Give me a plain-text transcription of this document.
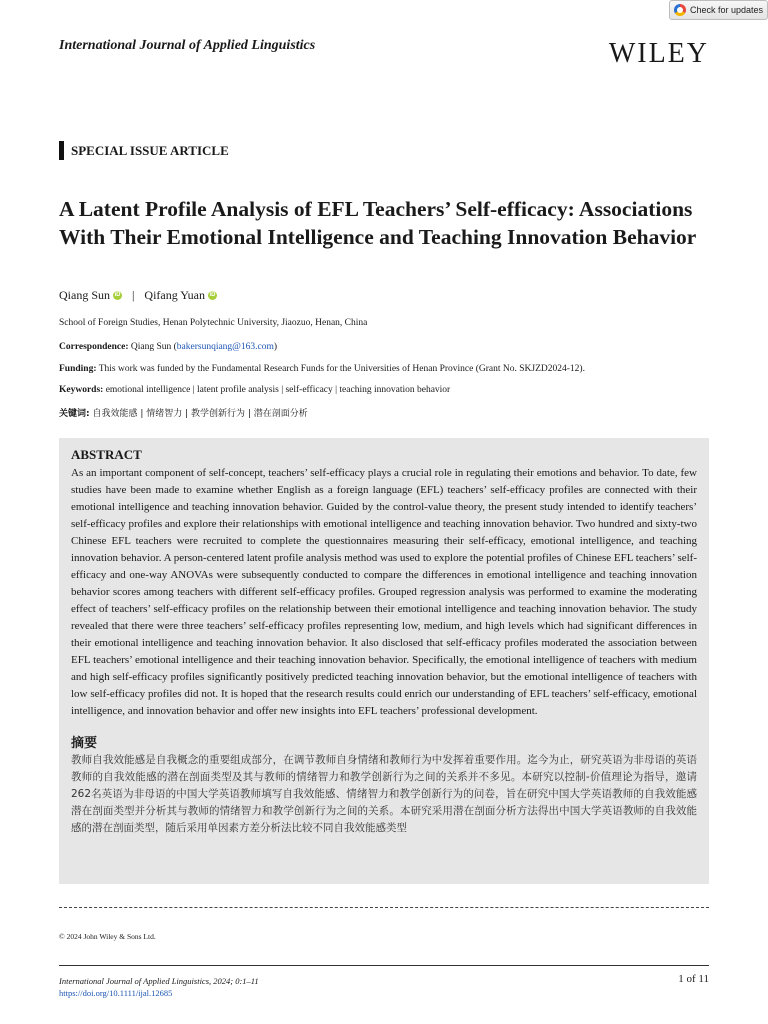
Check for updates
International Journal of Applied Linguistics	WILEY
SPECIAL ISSUE ARTICLE
A Latent Profile Analysis of EFL Teachers’ Self-efficacy: Associations With Their Emotional Intelligence and Teaching Innovation Behavior
Qiang Sun iD | Qifang Yuan iD
School of Foreign Studies, Henan Polytechnic University, Jiaozuo, Henan, China
Correspondence: Qiang Sun (bakersunqiang@163.com)
Funding: This work was funded by the Fundamental Research Funds for the Universities of Henan Province (Grant No. SKJZD2024-12).
Keywords: emotional intelligence | latent profile analysis | self-efficacy | teaching innovation behavior
关键词: 自我效能感 | 情绪智力 | 教学创新行为 | 潜在剖面分析
ABSTRACT

As an important component of self-concept, teachers’ self-efficacy plays a crucial role in regulating their emotions and behavior. To date, few studies have been made to examine whether English as a foreign language (EFL) teachers’ self-efficacy profiles are connected with their emotional intelligence and teaching innovation behavior. Guided by the control-value theory, the present study intended to identify teachers’ self-efficacy profiles and explore their relationships with emotional intelligence and teaching innovation behavior. Two hundred and sixty-two Chinese EFL teachers were recruited to complete the questionnaires measuring their self-efficacy, emotional intelligence, and teaching innovation behavior. A person-centered latent profile analysis method was used to explore the potential profiles of Chinese EFL teachers’ self-efficacy and one-way ANOVAs were subsequently conducted to compare the differences in emotional intelligence and teaching innovation behavior scores among teachers with different self-efficacy profiles. Grouped regression analysis was performed to examine the moderating effect of teachers’ self-efficacy profiles on the relationship between their emotional intelligence and teaching innovation behavior. The study revealed that there were three teachers’ self-efficacy profiles representing low, medium, and high levels which had significant differences in their emotional intelligence and teaching innovation behavior. It also disclosed that self-efficacy profiles moderated the association between EFL teachers’ emotional intelligence and their teaching innovation behavior. Specifically, the emotional intelligence of teachers with medium and high self-efficacy profiles significantly positively predicted teaching innovation behavior, but the emotional intelligence of teachers with low self-efficacy profiles did not. It is hoped that the research results could enrich our understanding of EFL teachers’ self-efficacy, emotional intelligence, and innovation behavior and offer new insights into EFL teachers’ professional development.

摘要

教师自我效能感是自我概念的重要组成部分，在调节教师自身情绪和教师行为中发挥着重要作用。迄今为止，研究英语为非母语的英语教师的自我效能感的潜在剖面类型及其与教师的情绪智力和教学创新行为之间的关系并不多见。本研究以控制-价值理论为指导，邀请262名英语为非母语的中国大学英语教师填写自我效能感、情绪智力和教学创新行为的问卷，旨在研究中国大学英语教师的自我效能感潜在剖面类型并分析其与教师的情绪智力和教学创新行为之间的关系。本研究采用潜在剖面分析方法得出中国大学英语教师的自我效能感的潜在剖面类型，随后采用单因素方差分析法比较不同自我效能感类型

© 2024 John Wiley & Sons Ltd.
International Journal of Applied Linguistics, 2024; 0:1–11
https://doi.org/10.1111/ijal.12685
1 of 11
